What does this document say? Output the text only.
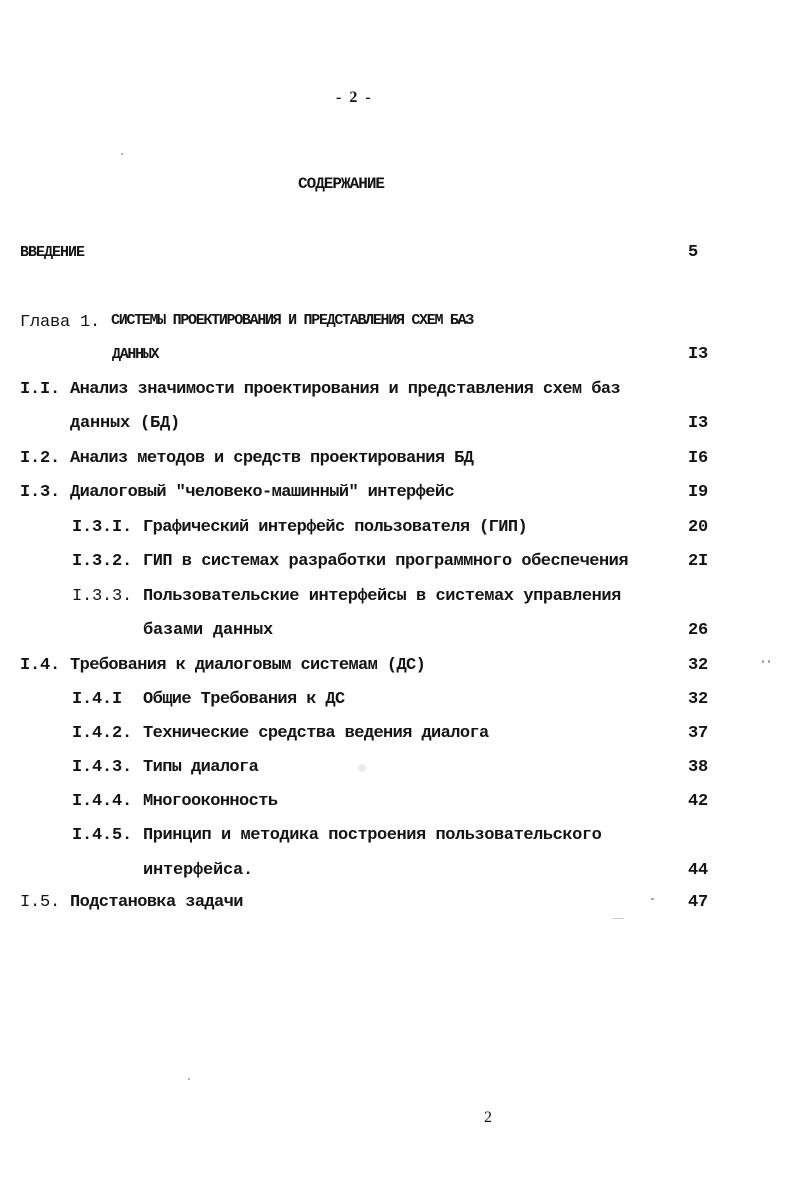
- 2 -
СОДЕРЖАНИЕ
ВВЕДЕНИЕ	5
Глава 1. СИСТЕМЫ ПРОЕКТИРОВАНИЯ И ПРЕДСТАВЛЕНИЯ СХЕМ БАЗ
ДАННЫХ	I3
I.I. Анализ значимости проектирования и представления схем баз
данных (БД)	I3
I.2. Анализ методов и средств проектирования БД	I6
I.3. Диалоговый "человеко-машинный" интерфейс	I9
I.3.I. Графический интерфейс пользователя (ГИП)	20
I.3.2. ГИП в системах разработки программного обеспечения	2I
I.3.3. Пользовательские интерфейсы в системах управления
базами данных	26
I.4. Требования к диалоговым системам (ДС)	32
I.4.I Общие Требования к ДС	32
I.4.2. Технические средства ведения диалога	37
I.4.3. Типы диалога	38
I.4.4. Многооконность	42
I.4.5. Принцип и методика построения пользовательского
интерфейса.	44
I.5. Подстановка задачи	47
2
